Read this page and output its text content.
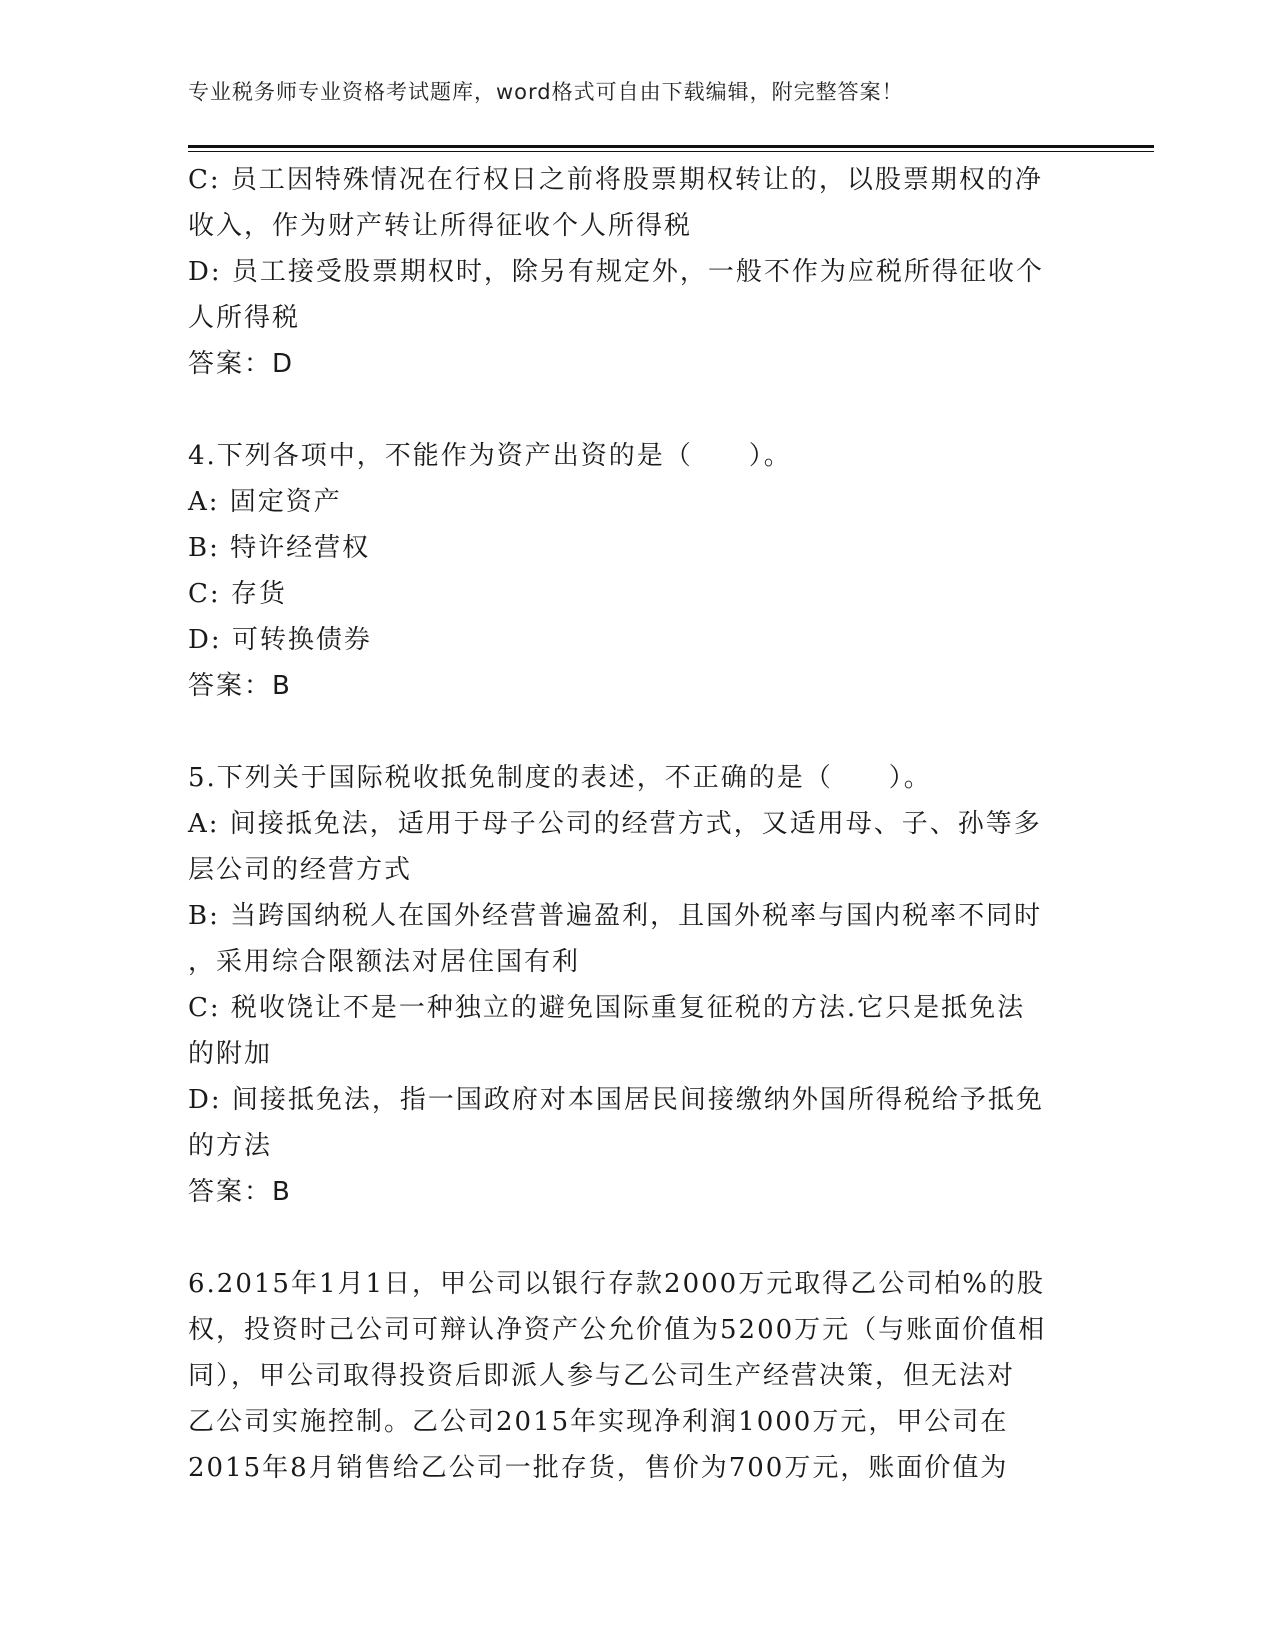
专业税务师专业资格考试题库，word格式可自由下载编辑，附完整答案！
C: 员工因特殊情况在行权日之前将股票期权转让的，以股票期权的净
收入，作为财产转让所得征收个人所得税
D: 员工接受股票期权时，除另有规定外，一般不作为应税所得征收个
人所得税
答案：D
4.下列各项中，不能作为资产出资的是（　　）。
A: 固定资产
B: 特许经营权
C: 存货
D: 可转换债券
答案：B
5.下列关于国际税收抵免制度的表述，不正确的是（　　）。
A: 间接抵免法，适用于母子公司的经营方式，又适用母、子、孙等多
层公司的经营方式
B: 当跨国纳税人在国外经营普遍盈利，且国外税率与国内税率不同时
，采用综合限额法对居住国有利
C: 税收饶让不是一种独立的避免国际重复征税的方法.它只是抵免法
的附加
D: 间接抵免法，指一国政府对本国居民间接缴纳外国所得税给予抵免
的方法
答案：B
6.2015年1月1日，甲公司以银行存款2000万元取得乙公司柏%的股
权，投资时己公司可辩认净资产公允价值为5200万元（与账面价值相
同），甲公司取得投资后即派人参与乙公司生产经营决策，但无法对
乙公司实施控制。乙公司2015年实现净利润1000万元，甲公司在
2015年8月销售给乙公司一批存货，售价为700万元，账面价值为
